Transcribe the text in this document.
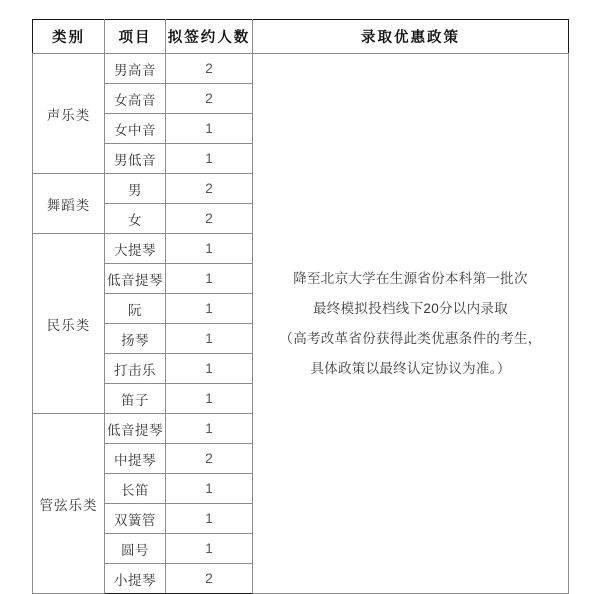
类别	项目	拟签约人数	录取优惠政策
声乐类	男高音	2	降至北京大学在生源省份本科第一批次
最终模拟投档线下20分以内录取
（高考改革省份获得此类优惠条件的考生，
具体政策以最终认定协议为准。）

	女高音	2	
	女中音	1	
	男低音	1	
舞蹈类	男	2	
	女	2	
民乐类	大提琴	1	
	低音提琴	1	
	阮	1	
	扬琴	1	
	打击乐	1	
	笛子	1	
管弦乐类	低音提琴	1	
	中提琴	2	
	长笛	1	
	双簧管	1	
	圆号	1	
	小提琴	2	
